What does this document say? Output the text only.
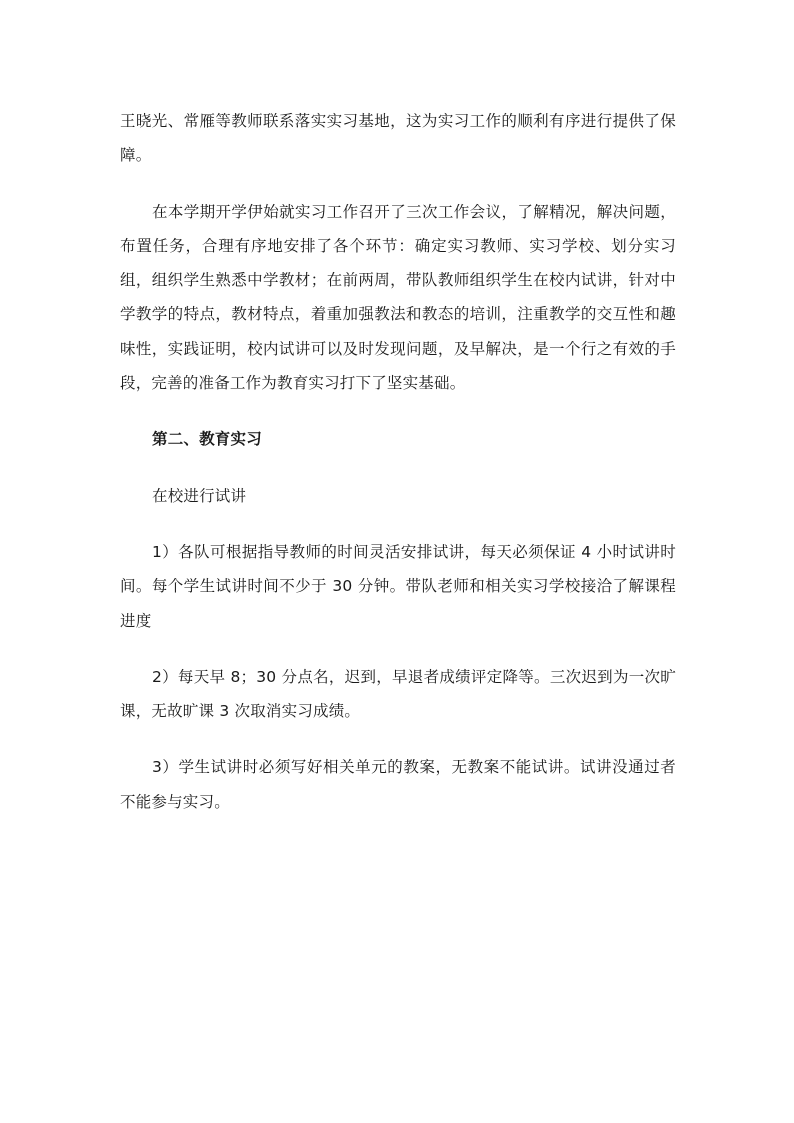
王晓光、常雁等教师联系落实实习基地，这为实习工作的顺利有序进行提供了保障。

在本学期开学伊始就实习工作召开了三次工作会议，了解精况，解决问题，布置任务，合理有序地安排了各个环节：确定实习教师、实习学校、划分实习组，组织学生熟悉中学教材；在前两周，带队教师组织学生在校内试讲，针对中学教学的特点，教材特点，着重加强教法和教态的培训，注重教学的交互性和趣味性，实践证明，校内试讲可以及时发现问题，及早解决，是一个行之有效的手段，完善的准备工作为教育实习打下了坚实基础。

第二、教育实习

在校进行试讲

1）各队可根据指导教师的时间灵活安排试讲，每天必须保证 4 小时试讲时间。每个学生试讲时间不少于 30 分钟。带队老师和相关实习学校接洽了解课程进度

2）每天早 8；30 分点名，迟到，早退者成绩评定降等。三次迟到为一次旷课，无故旷课 3 次取消实习成绩。

3）学生试讲时必须写好相关单元的教案，无教案不能试讲。试讲没通过者不能参与实习。
